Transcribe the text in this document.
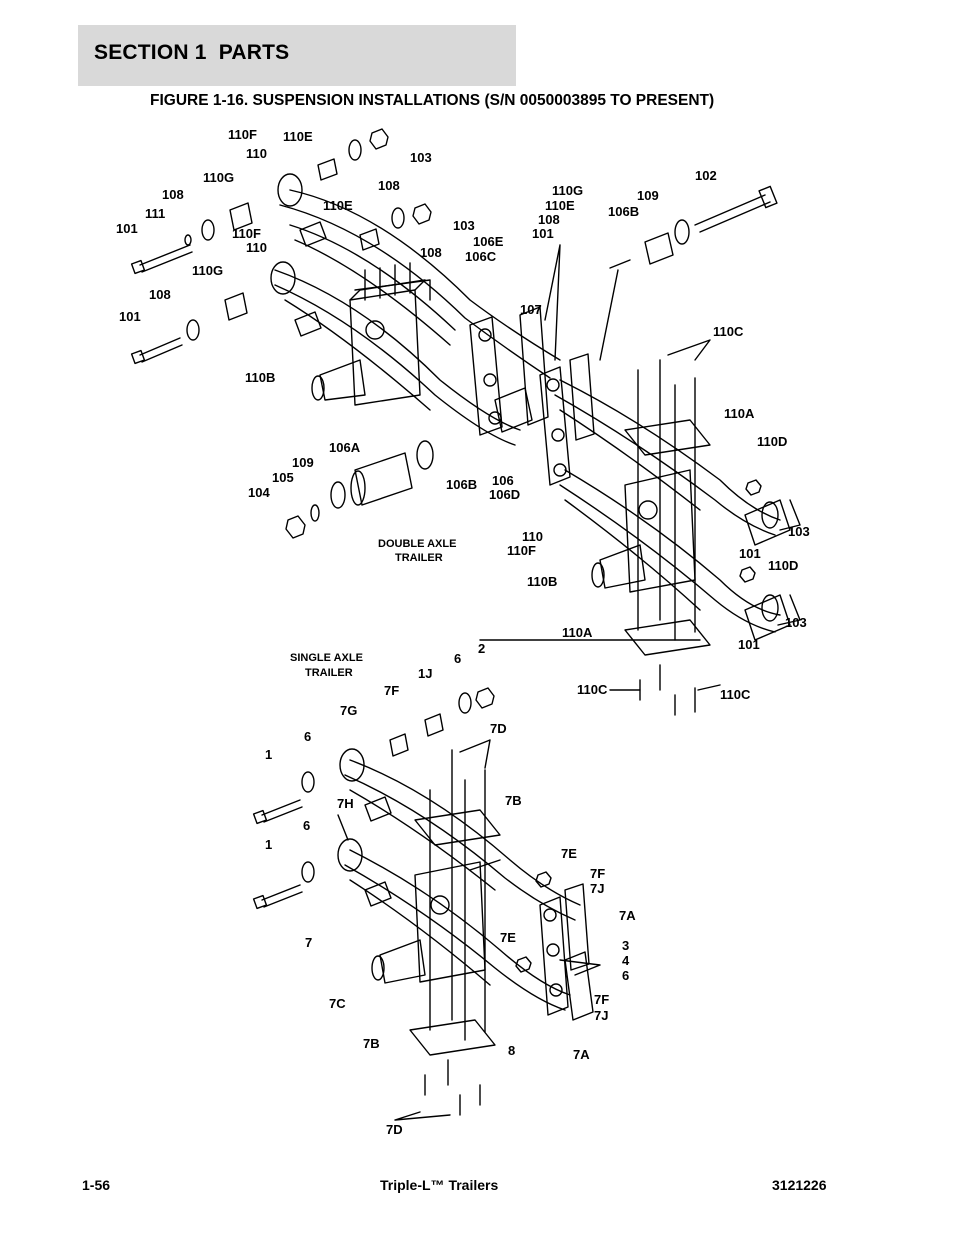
SECTION 1  PARTS
FIGURE 1-16. SUSPENSION INSTALLATIONS (S/N 0050003895 TO PRESENT)
110F 110E
110	103
108
110G
108
111
101
110E
103
110F
110	108
110G
108
101
110B
106E
106C
110G
110E
108
101
109
106B
102
107
110C
110A
110D
106A
109
105
104
106B 106
106D
103
110
110F	101
110D
110B
103
110A
101
110C	110C
DOUBLE AXLE
TRAILER
SINGLE AXLE
TRAILER
6
2
1J
7F
7G
6
1
7D
7B
7H
6
1
7E
7F
7J
7A
7	7E
3
4
6
7F
7J
7C
8	7A
7B
7D
1-56	Triple-L™ Trailers	3121226
